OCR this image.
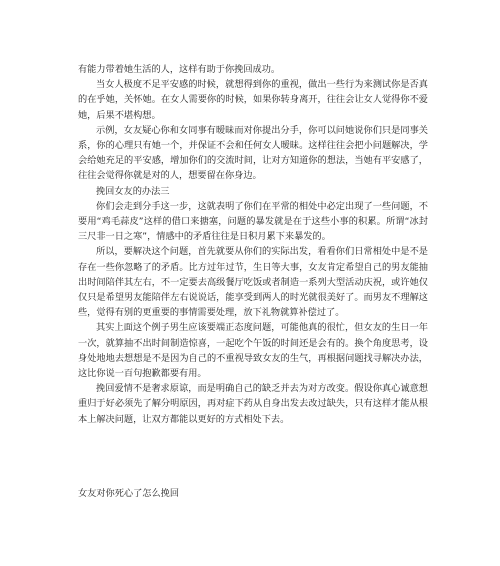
有能力带着她生活的人，这样有助于你挽回成功。

当女人极度不足平安感的时候，就想得到你的重视，做出一些行为来测试你是否真的在乎她，关怀她。在女人需要你的时候，如果你转身离开，往往会让女人觉得你不爱她，后果不堪构想。

示例，女友疑心你和女同事有暧昧而对你提出分手，你可以问她说你们只是同事关系，你的心理只有她一个，并保证不会和任何女人暧昧。这样往往会把小问题解决，学会给她充足的平安感，增加你们的交流时间，让对方知道你的想法，当她有平安感了，往往会觉得你就是对的人，想要留在你身边。

挽回女友的办法三

你们会走到分手这一步，这就表明了你们在平常的相处中必定出现了一些问题，不要用“鸡毛蒜皮”这样的借口来搪塞，问题的暴发就是在于这些小事的积累。所谓“冰封三尺非一日之寒”，情感中的矛盾往往是日积月累下来暴发的。

所以，要解决这个问题，首先就要从你们的实际出发，看看你们日常相处中是不是存在一些你忽略了的矛盾。比方过年过节，生日等大事，女友肯定希望自己的男友能抽出时间陪伴其左右，不一定要去高级餐厅吃饭或者制造一系列大型活动庆祝，或许她仅仅只是希望男友能陪伴左右说说话，能享受到两人的时光就很美好了。而男友不理解这些，觉得有别的更重要的事情需要处理，放下礼物就算补偿过了。

其实上面这个例子男生应该要端正态度问题，可能他真的很忙，但女友的生日一年一次，就算抽不出时间制造惊喜，一起吃个午饭的时间还是会有的。换个角度思考，设身处地地去想想是不是因为自己的不重视导致女友的生气，再根据问题找寻解决办法，这比你说一百句抱歉都要有用。

挽回爱情不是奢求原谅，而是明确自己的缺乏并去为对方改变。假设你真心诚意想重归于好必须先了解分明原因，再对症下药从自身出发去改过缺失，只有这样才能从根本上解决问题，让双方都能以更好的方式相处下去。

女友对你死心了怎么挽回
